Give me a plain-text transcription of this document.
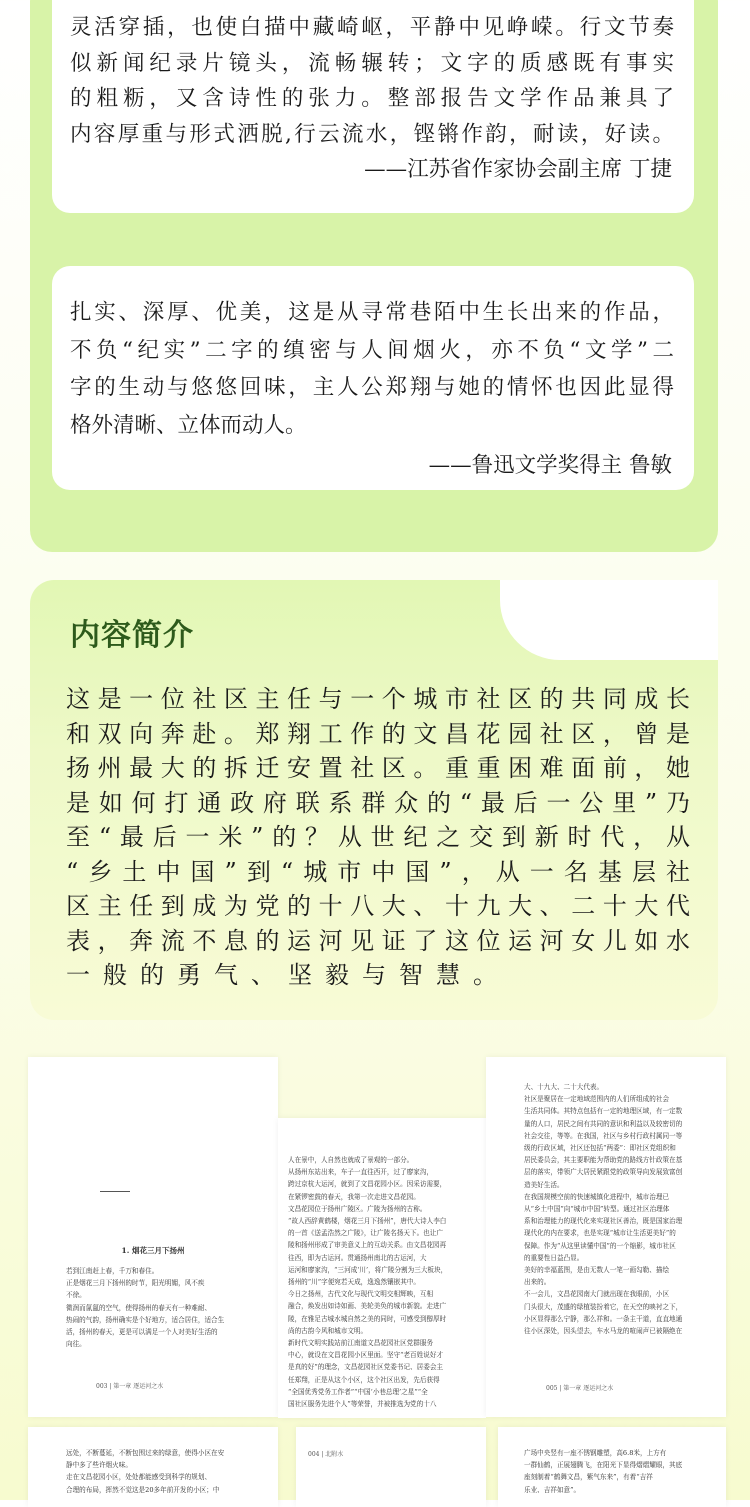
灵活穿插，也使白描中藏崎岖，平静中见峥嵘。行文节奏
似新闻纪录片镜头，流畅辗转；文字的质感既有事实
的粗粝，又含诗性的张力。整部报告文学作品兼具了
内容厚重与形式洒脱,行云流水，铿锵作韵，耐读，好读。
——江苏省作家协会副主席 丁捷
扎实、深厚、优美，这是从寻常巷陌中生长出来的作品，
不负“纪实”二字的缜密与人间烟火，亦不负“文学”二
字的生动与悠悠回味，主人公郑翔与她的情怀也因此显得
格外清晰、立体而动人。
——鲁迅文学奖得主 鲁敏
内容简介
这是一位社区主任与一个城市社区的共同成长
和双向奔赴。郑翔工作的文昌花园社区，曾是
扬州最大的拆迁安置社区。重重困难面前，她
是如何打通政府联系群众的“最后一公里”乃
至“最后一米”的？从世纪之交到新时代，从
“乡土中国”到“城市中国”，从一名基层社
区主任到成为党的十八大、十九大、二十大代
表，奔流不息的运河见证了这位运河女儿如水
一般的勇气、坚毅与智慧。
1. 烟花三月下扬州
若到江南赶上春，千万和春住。
正是烟花三月下扬州的时节，阳光明媚，风不疾
不徐。
微润而氤氲的空气，使得扬州的春天有一种难耐、
热闹的气韵，扬州确实是个好地方，适合居住，适合生
活，扬州的春天，更是可以满足一个人对美好生活的
向往。
003 | 第一章 逐运河之水
人在景中，人自然也就成了景观的一部分。
从扬州东站出来，车子一直往西开，过了廖家沟，
跨过京杭大运河，就到了文昌花园小区。因采访需要，
在紧锣密鼓的春天，我第一次走进文昌花园。
文昌花园位于扬州广陵区。广陵为扬州的古称。
“故人西辞黄鹤楼，烟花三月下扬州”，唐代大诗人李白
的一首《送孟浩然之广陵》，让广陵名扬天下。也让广
陵和扬州形成了审美意义上的互动关系。由文昌花园再
往西，即为古运河。贯通扬州南北的古运河，大
运河和廖家沟，“三河成‘川’，将广陵分割为三大板块，
扬州的“川”字便宛若天成，逸逸然镶嵌其中。
今日之扬州，古代文化与现代文明交相辉映，互相
融合，焕发出如诗如画、美轮美奂的城市新貌。走进广
陵，在雅足古城水城自然之美的同时，可感受到醇厚时
尚的古韵今风和城市文明。
新时代文明实践站前江南道文昌花园社区党群服务
中心，就设在文昌花园小区里面。坚守“老百姓说好才
是真的好”的理念，文昌花园社区党委书记、居委会主
任郑翔，正是从这个小区，这个社区出发，先后获得
“全国优秀党务工作者”“中国‘小巷总理’之星”“全
国社区服务先进个人”等荣誉，并被推选为党的十八
大、十九大、二十大代表。
社区是聚居在一定地域范围内的人们所组成的社会
生活共同体。其特点包括有一定的地理区域，有一定数
量的人口，居民之间有共同的意识和利益以及较密切的
社会交往，等等。在我国，社区与乡村行政村属同一等
级的行政区域，社区还包括“两委”：即社区党组织和
居民委员会，其主要职能为帮助党的路线方针政策在基
层的落实，带领广大居民紧跟党的政策导向发展致富创
造美好生活。
在我国规模空前的快速城镇化进程中，城市治理已
从“乡土中国”向“城市中国”转型。通过社区治理体
系和治理能力的现代化来实现社区善治，既是国家治理
现代化的内在要求，也是实现“城市让生活更美好”的
保障。作为“从这里读懂中国”的一个缩影，城市社区
的重要性日益凸显。
美好的幸福蓝图，是由无数人一笔一画勾勒、描绘
出来的。
不一会儿，文昌花园南大门就出现在我眼前，小区
门头很大，茂盛的绿植装扮着它，在天空的映衬之下，
小区显得那么宁静，那么祥和。一条主干道，直直地通
往小区深处，因头望去，车水马龙的喧闹声已被隔绝在
005 | 第一章 逐运河之水
远处，不断蔓延，不断包围过来的绿意，使得小区在安
静中多了些许烟火味。
走在文昌花园小区，处处都能感受到科学的规划、
合理的布局，挥然不觉这是20多年前开发的小区；中
004 | 北附水	广场中央竖有一座不锈钢雕塑，高6.8米，上方有
一群仙鹤，正展翅腾飞，在阳光下显得熠熠耀眼，其底
座刻制着“鹤舞文昌，紫气东来”，有着“吉祥
乐业、吉祥如意”。
